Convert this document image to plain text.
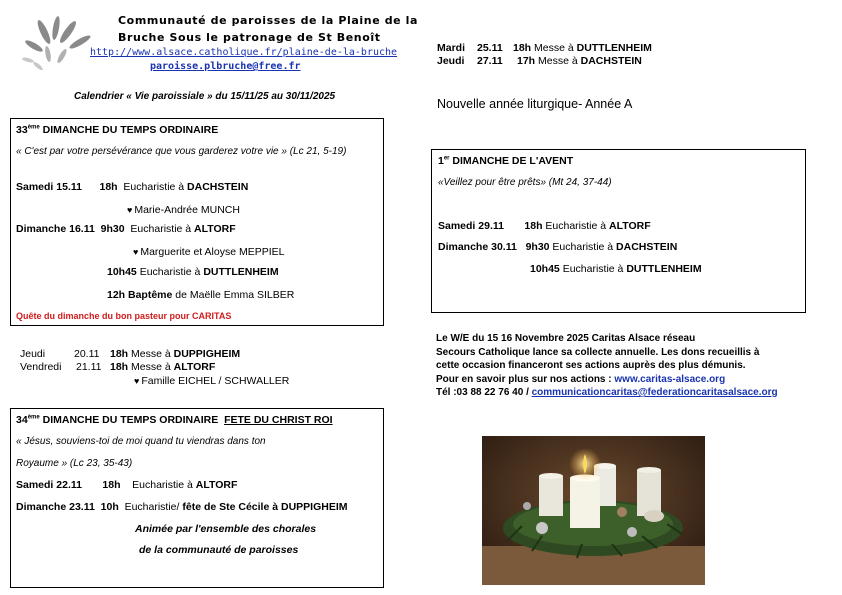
Communauté de paroisses de la Plaine de la
Bruche Sous le patronage de St Benoît
http://www.alsace.catholique.fr/plaine-de-la-bruche
paroisse.plbruche@free.fr
Calendrier « Vie paroissiale » du 15/11/25 au 30/11/2025
33ème DIMANCHE DU TEMPS ORDINAIRE
« C'est par votre persévérance que vous garderez votre vie » (Lc 21, 5-19)
Samedi 15.11 18h Eucharistie à DACHSTEIN
♥ Marie-Andrée MUNCH
Dimanche 16.11 9h30 Eucharistie à ALTORF
♥ Marguerite et Aloyse MEPPIEL
10h45 Eucharistie à DUTTLENHEIM
12h Baptême de Maëlle Emma SILBER
Quête du dimanche du bon pasteur pour CARITAS
Jeudi	20.11 18h Messe à DUPPIGHEIM
Vendredi 21.11 18h Messe à ALTORF
♥ Famille EICHEL / SCHWALLER
34ème DIMANCHE DU TEMPS ORDINAIRE FETE DU CHRIST ROI
« Jésus, souviens-toi de moi quand tu viendras dans ton
Royaume » (Lc 23, 35-43)
Samedi 22.11 18h Eucharistie à ALTORF
Dimanche 23.11 10h Eucharistie/ fête de Ste Cécile à DUPPIGHEIM
Animée par l'ensemble des chorales
de la communauté de paroisses
Mardi 25.11 18h Messe à DUTTLENHEIM
Jeudi 27.11 17h Messe à DACHSTEIN
Nouvelle année liturgique- Année A
1er DIMANCHE DE L'AVENT
«Veillez pour être prêts» (Mt 24, 37-44)
Samedi 29.11 18h Eucharistie à ALTORF
Dimanche 30.11 9h30 Eucharistie à DACHSTEIN
10h45 Eucharistie à DUTTLENHEIM
Le W/E du 15 16 Novembre 2025 Caritas Alsace réseau
Secours Catholique lance sa collecte annuelle. Les dons recueillis à
cette occasion financeront ses actions auprès des plus démunis.
Pour en savoir plus sur nos actions : www.caritas-alsace.org
Tél :03 88 22 76 40 / communicationcaritas@federationcaritasalsace.org
